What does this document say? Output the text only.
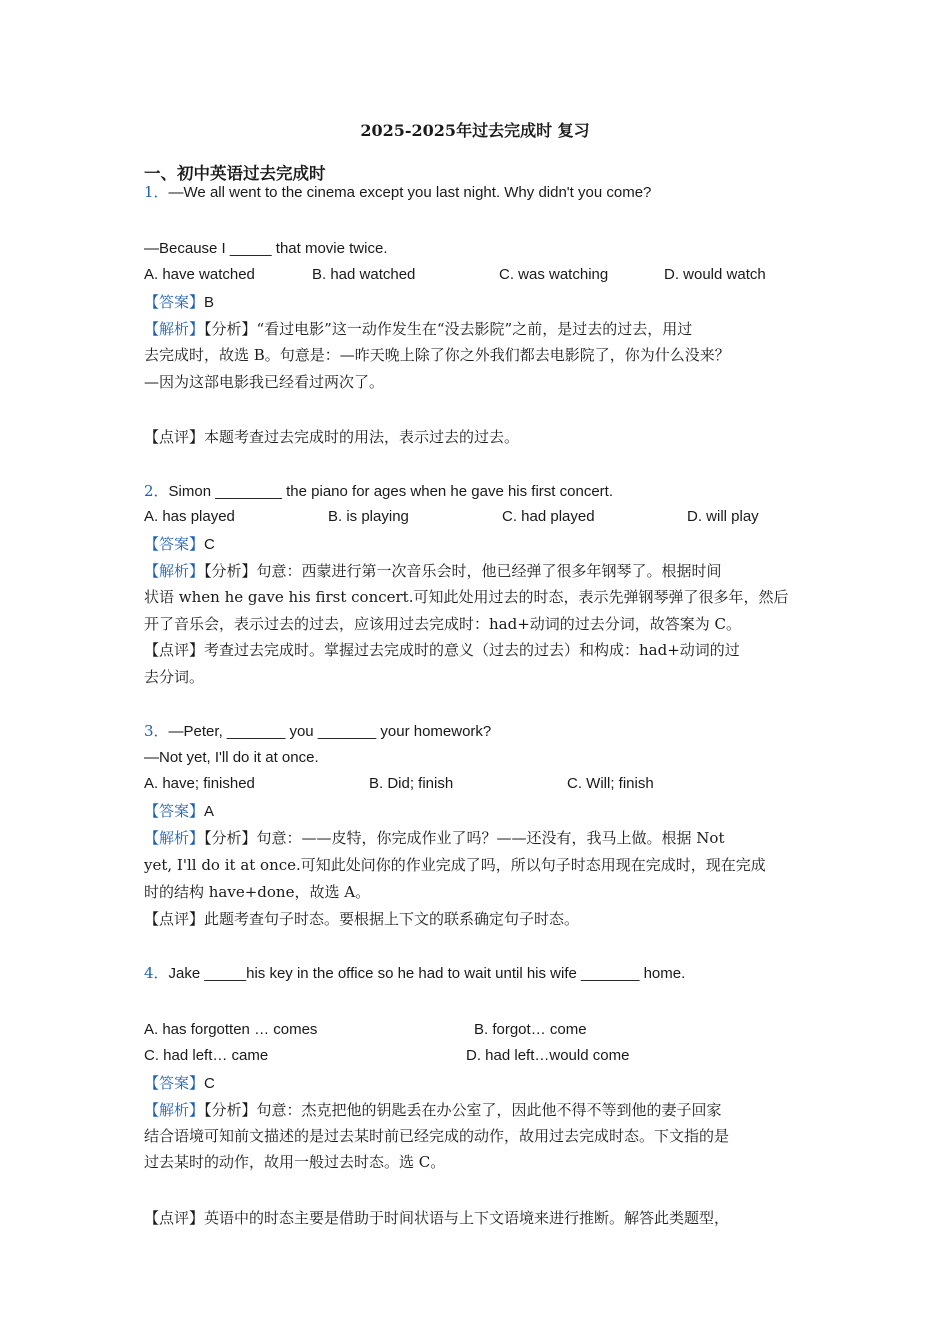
2025-2025年过去完成时 复习
一、初中英语过去完成时
1．—We all went to the cinema except you last night. Why didn't you come?
—Because I _____ that movie twice.
A. have watched	B. had watched	C. was watching	D. would watch
【答案】B
【解析】【分析】“看过电影”这一动作发生在“没去影院”之前，是过去的过去，用过
去完成时，故选 B。句意是：—昨天晚上除了你之外我们都去电影院了，你为什么没来？
—因为这部电影我已经看过两次了。
【点评】本题考查过去完成时的用法，表示过去的过去。
2．Simon ________ the piano for ages when he gave his first concert.
A. has played	B. is playing	C. had played	D. will play
【答案】C
【解析】【分析】句意：西蒙进行第一次音乐会时，他已经弹了很多年钢琴了。根据时间
状语 when he gave his first concert.可知此处用过去的时态，表示先弹钢琴弹了很多年，然后
开了音乐会，表示过去的过去，应该用过去完成时：had+动词的过去分词，故答案为 C。
【点评】考查过去完成时。掌握过去完成时的意义（过去的过去）和构成：had+动词的过
去分词。
3．—Peter, _______ you _______ your homework?
—Not yet, I'll do it at once.
A. have; finished	B. Did; finish	C. Will; finish
【答案】A
【解析】【分析】句意：——皮特，你完成作业了吗？——还没有，我马上做。根据 Not
yet, I'll do it at once.可知此处问你的作业完成了吗，所以句子时态用现在完成时，现在完成
时的结构 have+done，故选 A。
【点评】此题考查句子时态。要根据上下文的联系确定句子时态。
4．Jake _____his key in the office so he had to wait until his wife _______ home.
A. has forgotten … comes	B. forgot… come
C. had left… came	D. had left…would come
【答案】C
【解析】【分析】句意：杰克把他的钥匙丢在办公室了，因此他不得不等到他的妻子回家
结合语境可知前文描述的是过去某时前已经完成的动作，故用过去完成时态。下文指的是
过去某时的动作，故用一般过去时态。选 C。
【点评】英语中的时态主要是借助于时间状语与上下文语境来进行推断。解答此类题型，
